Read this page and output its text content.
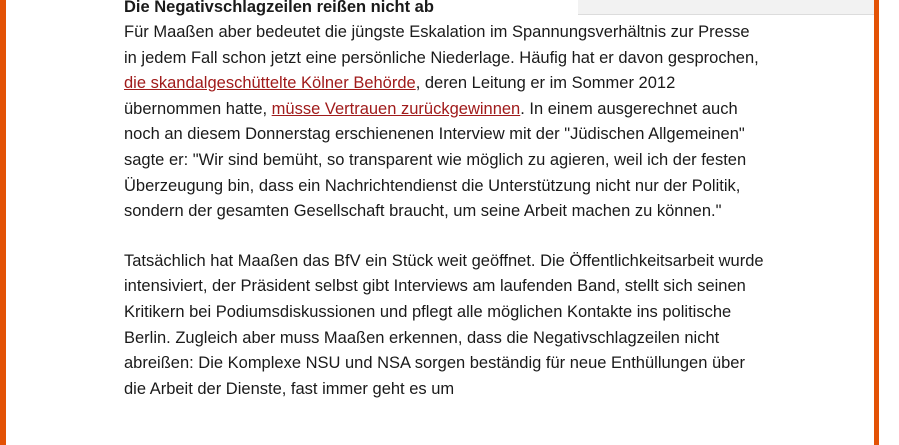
Die Negativschlagzeilen reißen nicht ab

Für Maaßen aber bedeutet die jüngste Eskalation im Spannungsverhältnis zur Presse in jedem Fall schon jetzt eine persönliche Niederlage. Häufig hat er davon gesprochen, die skandalgeschüttelte Kölner Behörde, deren Leitung er im Sommer 2012 übernommen hatte, müsse Vertrauen zurückgewinnen. In einem ausgerechnet auch noch an diesem Donnerstag erschienenen Interview mit der "Jüdischen Allgemeinen" sagte er: "Wir sind bemüht, so transparent wie möglich zu agieren, weil ich der festen Überzeugung bin, dass ein Nachrichtendienst die Unterstützung nicht nur der Politik, sondern der gesamten Gesellschaft braucht, um seine Arbeit machen zu können."

Tatsächlich hat Maaßen das BfV ein Stück weit geöffnet. Die Öffentlichkeitsarbeit wurde intensiviert, der Präsident selbst gibt Interviews am laufenden Band, stellt sich seinen Kritikern bei Podiumsdiskussionen und pflegt alle möglichen Kontakte ins politische Berlin. Zugleich aber muss Maaßen erkennen, dass die Negativschlagzeilen nicht abreißen: Die Komplexe NSU und NSA sorgen beständig für neue Enthüllungen über die Arbeit der Dienste, fast immer geht es um
